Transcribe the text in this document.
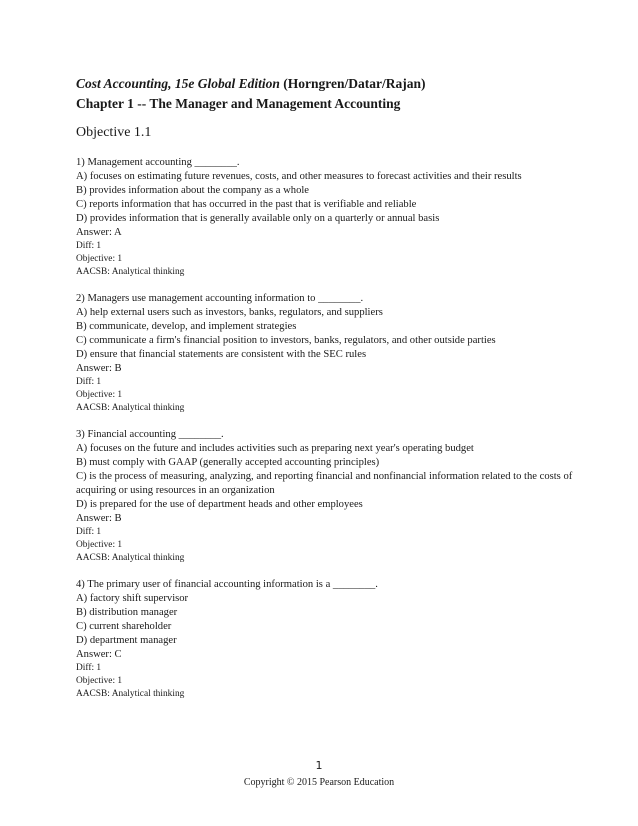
Cost Accounting, 15e Global Edition (Horngren/Datar/Rajan)
Chapter 1 -- The Manager and Management Accounting
Objective 1.1
1) Management accounting ________.
A) focuses on estimating future revenues, costs, and other measures to forecast activities and their results
B) provides information about the company as a whole
C) reports information that has occurred in the past that is verifiable and reliable
D) provides information that is generally available only on a quarterly or annual basis
Answer: A
Diff: 1
Objective: 1
AACSB: Analytical thinking
2) Managers use management accounting information to ________.
A) help external users such as investors, banks, regulators, and suppliers
B) communicate, develop, and implement strategies
C) communicate a firm's financial position to investors, banks, regulators, and other outside parties
D) ensure that financial statements are consistent with the SEC rules
Answer: B
Diff: 1
Objective: 1
AACSB: Analytical thinking
3) Financial accounting ________.
A) focuses on the future and includes activities such as preparing next year's operating budget
B) must comply with GAAP (generally accepted accounting principles)
C) is the process of measuring, analyzing, and reporting financial and nonfinancial information related to the costs of acquiring or using resources in an organization
D) is prepared for the use of department heads and other employees
Answer: B
Diff: 1
Objective: 1
AACSB: Analytical thinking
4) The primary user of financial accounting information is a ________.
A) factory shift supervisor
B) distribution manager
C) current shareholder
D) department manager
Answer: C
Diff: 1
Objective: 1
AACSB: Analytical thinking
1
Copyright © 2015 Pearson Education
